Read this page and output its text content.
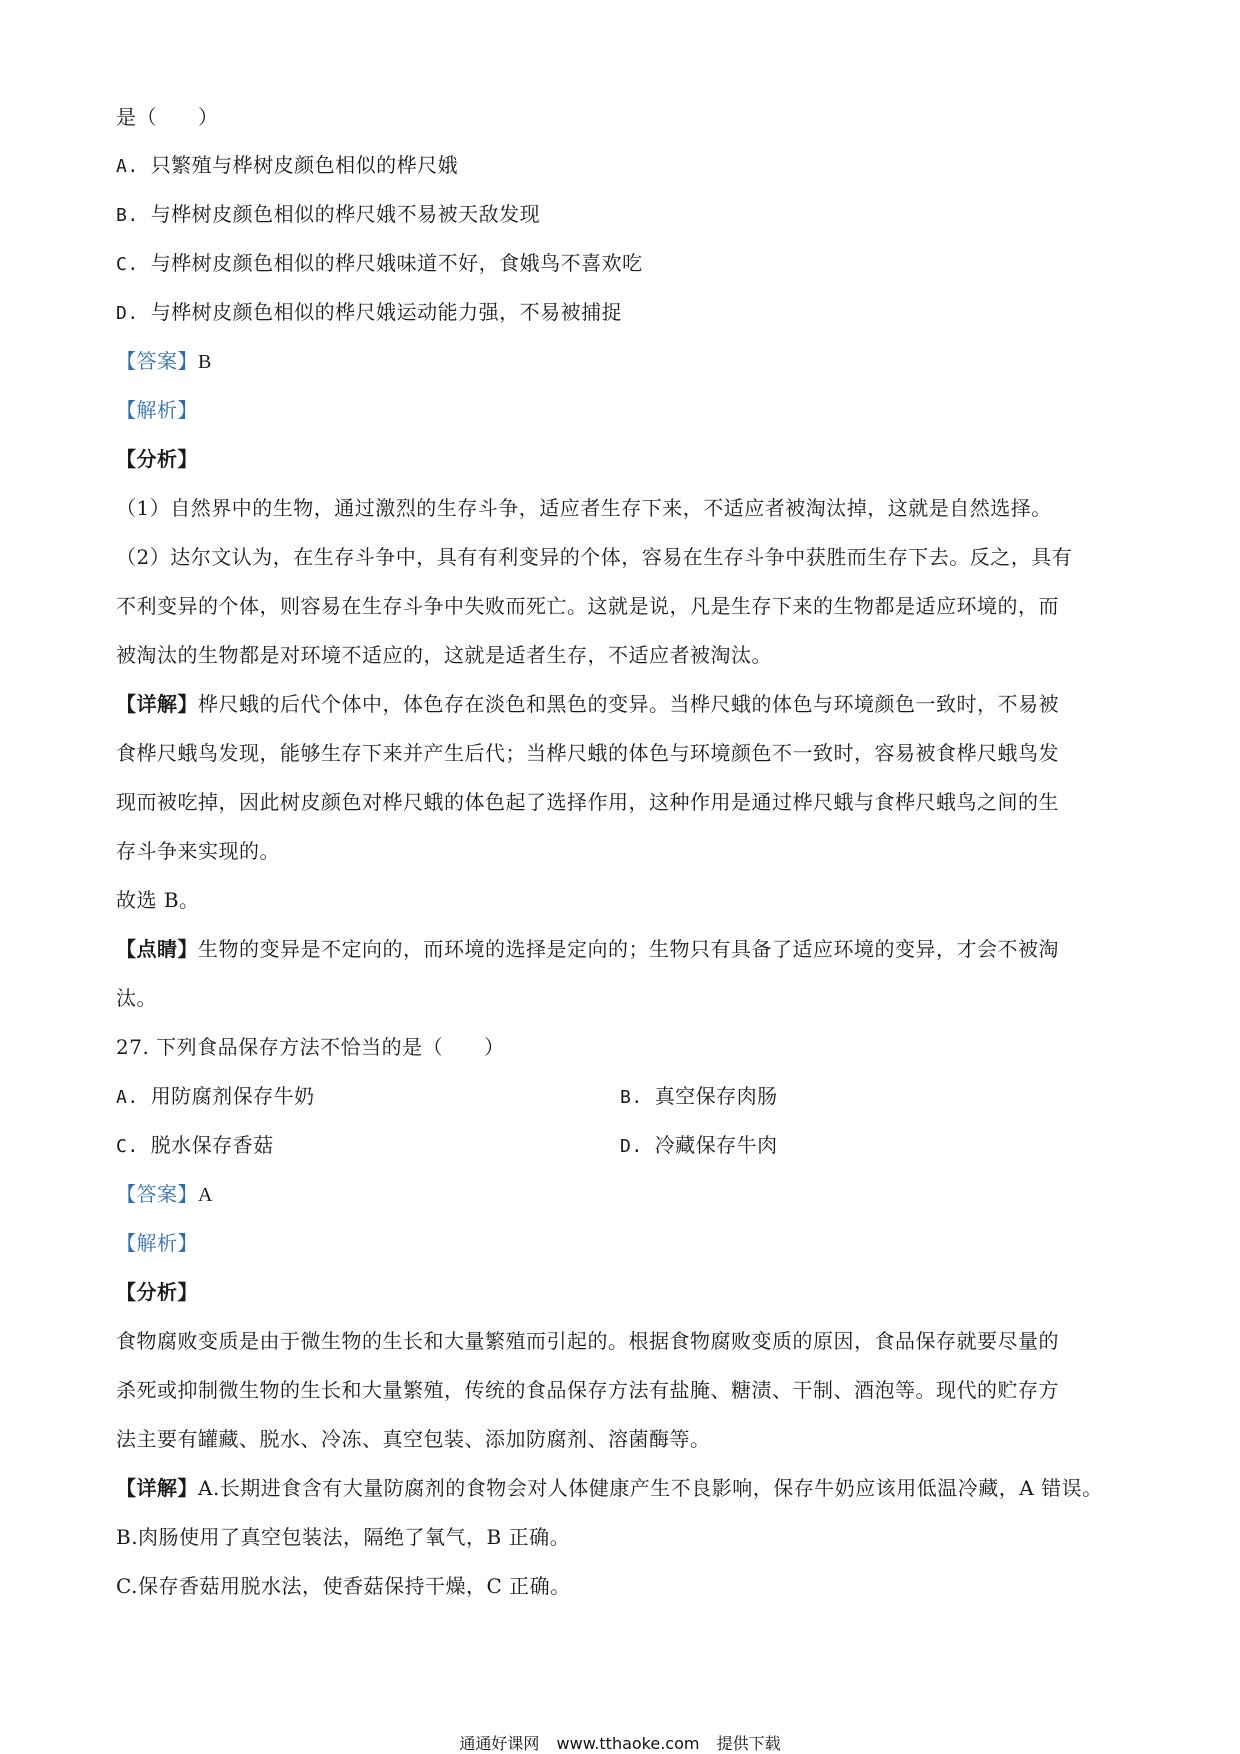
是（　　）
A. 只繁殖与桦树皮颜色相似的桦尺娥
B. 与桦树皮颜色相似的桦尺娥不易被天敌发现
C. 与桦树皮颜色相似的桦尺娥味道不好，食娥鸟不喜欢吃
D. 与桦树皮颜色相似的桦尺娥运动能力强，不易被捕捉
【答案】B
【解析】
【分析】
（1）自然界中的生物，通过激烈的生存斗争，适应者生存下来，不适应者被淘汰掉，这就是自然选择。
（2）达尔文认为，在生存斗争中，具有有利变异的个体，容易在生存斗争中获胜而生存下去。反之，具有
不利变异的个体，则容易在生存斗争中失败而死亡。这就是说，凡是生存下来的生物都是适应环境的，而
被淘汰的生物都是对环境不适应的，这就是适者生存，不适应者被淘汰。
【详解】桦尺蛾的后代个体中，体色存在淡色和黑色的变异。当桦尺蛾的体色与环境颜色一致时，不易被
食桦尺蛾鸟发现，能够生存下来并产生后代；当桦尺蛾的体色与环境颜色不一致时，容易被食桦尺蛾鸟发
现而被吃掉，因此树皮颜色对桦尺蛾的体色起了选择作用，这种作用是通过桦尺蛾与食桦尺蛾鸟之间的生
存斗争来实现的。
故选 B。
【点睛】生物的变异是不定向的，而环境的选择是定向的；生物只有具备了适应环境的变异，才会不被淘
汰。
27. 下列食品保存方法不恰当的是（　　）
A. 用防腐剂保存牛奶	B. 真空保存肉肠
C. 脱水保存香菇	D. 冷藏保存牛肉
【答案】A
【解析】
【分析】
食物腐败变质是由于微生物的生长和大量繁殖而引起的。根据食物腐败变质的原因，食品保存就要尽量的
杀死或抑制微生物的生长和大量繁殖，传统的食品保存方法有盐腌、糖渍、干制、酒泡等。现代的贮存方
法主要有罐藏、脱水、冷冻、真空包装、添加防腐剂、溶菌酶等。
【详解】A.长期进食含有大量防腐剂的食物会对人体健康产生不良影响，保存牛奶应该用低温冷藏，A 错误。
B.肉肠使用了真空包装法，隔绝了氧气，B 正确。
C.保存香菇用脱水法，使香菇保持干燥，C 正确。
通通好课网 www.tthaoke.com 提供下载
